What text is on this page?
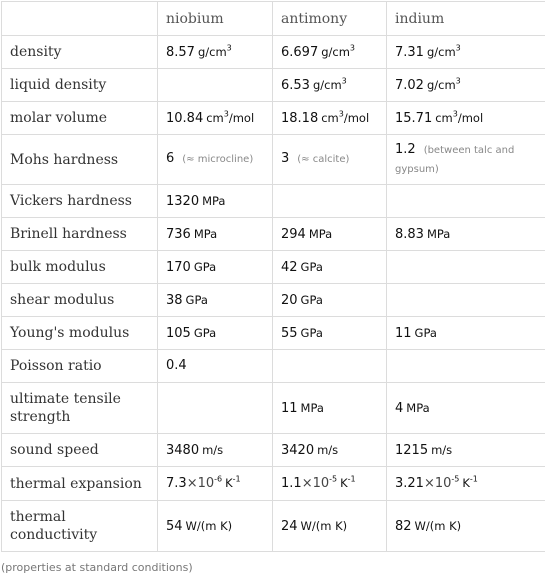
	niobium	antimony	indium
density	8.57 $g/cm^3$	6.697 $g/cm^3$	7.31 $g/cm^3$
liquid density		6.53 $g/cm^3$	7.02 $g/cm^3$
molar volume	10.84 $cm^3$/mol	18.18 $cm^3$/mol	15.71 $cm^3$/mol
Mohs hardness	6 (≈ microcline)	3 (≈ calcite)	1.2 (between talc and gypsum)
Vickers hardness	1320 MPa		
Brinell hardness	736 MPa	294 MPa	8.83 MPa
bulk modulus	170 GPa	42 GPa	
shear modulus	38 GPa	20 GPa	
Young's modulus	105 GPa	55 GPa	11 GPa
Poisson ratio	0.4		
ultimate tensile strength		11 MPa	4 MPa
sound speed	3480 m/s	3420 m/s	1215 m/s
thermal expansion	$7.3\times 10^{-6}$ $K^{-1}$	$1.1\times 10^{-5}$ $K^{-1}$	$3.21\times 10^{-5}$ $K^{-1}$
thermal conductivity	54 W/(m K)	24 W/(m K)	82 W/(m K)
(properties at standard conditions)
